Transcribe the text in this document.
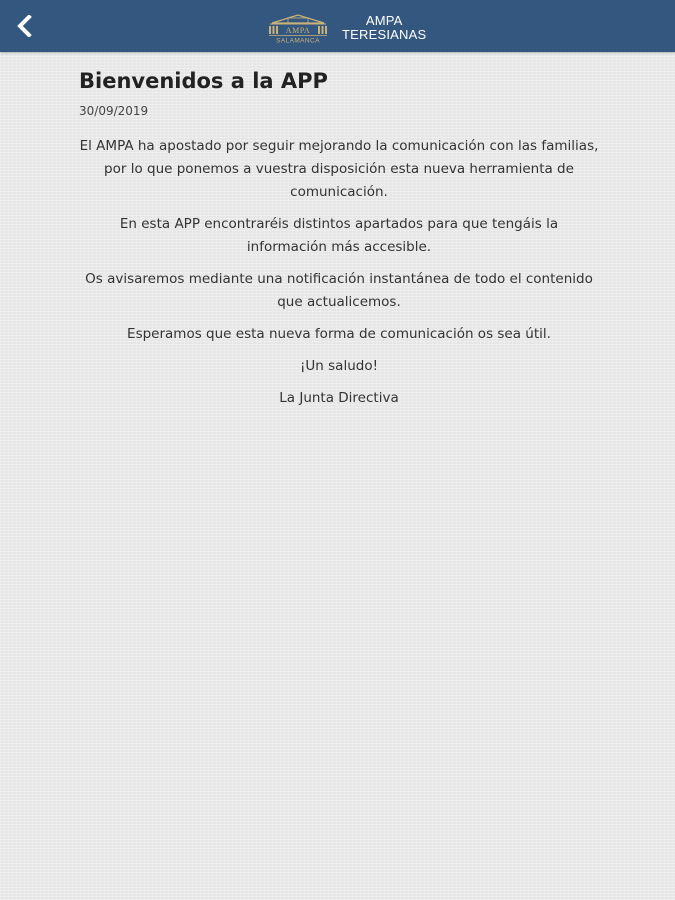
AMPA
SALAMANCA
AMPA
TERESIANAS
Bienvenidos a la APP
30/09/2019

El AMPA ha apostado por seguir mejorando la comunicación con las familias, por lo que ponemos a vuestra disposición esta nueva herramienta de comunicación.

En esta APP encontraréis distintos apartados para que tengáis la información más accesible.

Os avisaremos mediante una notificación instantánea de todo el contenido que actualicemos.

Esperamos que esta nueva forma de comunicación os sea útil.

¡Un saludo!

La Junta Directiva
